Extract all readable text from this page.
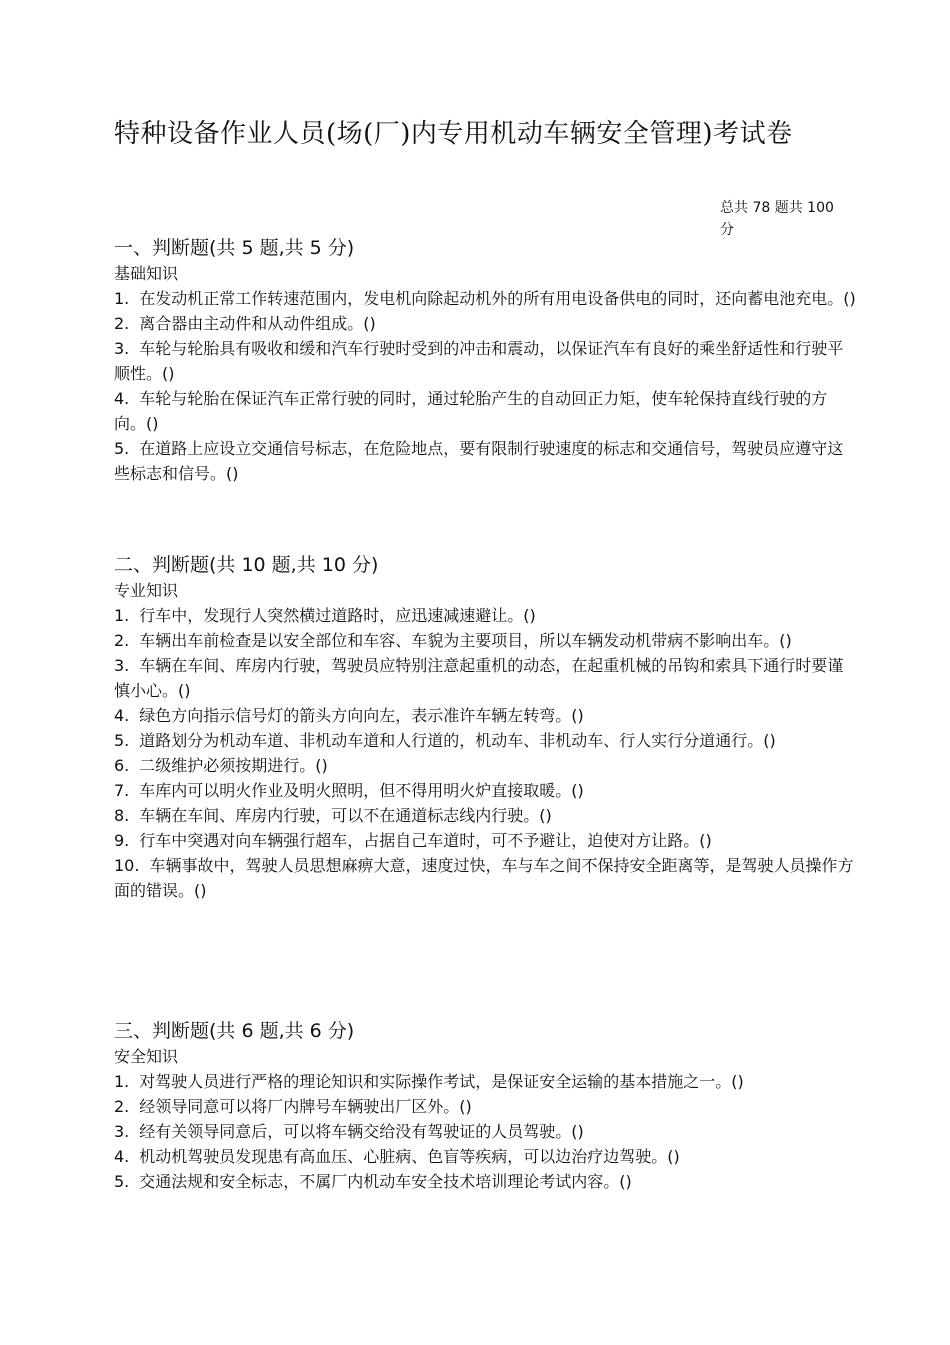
特种设备作业人员(场(厂)内专用机动车辆安全管理)考试卷
总共 78 题共 100 分

一、判断题(共 5 题,共 5 分)

基础知识

1. 在发动机正常工作转速范围内，发电机向除起动机外的所有用电设备供电的同时，还向蓄电池充电。()

2. 离合器由主动件和从动件组成。()

3. 车轮与轮胎具有吸收和缓和汽车行驶时受到的冲击和震动，以保证汽车有良好的乘坐舒适性和行驶平顺性。()

4. 车轮与轮胎在保证汽车正常行驶的同时，通过轮胎产生的自动回正力矩，使车轮保持直线行驶的方向。()

5. 在道路上应设立交通信号标志，在危险地点，要有限制行驶速度的标志和交通信号，驾驶员应遵守这些标志和信号。()

二、判断题(共 10 题,共 10 分)

专业知识

1. 行车中，发现行人突然横过道路时，应迅速减速避让。()

2. 车辆出车前检查是以安全部位和车容、车貌为主要项目，所以车辆发动机带病不影响出车。()

3. 车辆在车间、库房内行驶，驾驶员应特别注意起重机的动态，在起重机械的吊钩和索具下通行时要谨慎小心。()

4. 绿色方向指示信号灯的箭头方向向左，表示准许车辆左转弯。()

5. 道路划分为机动车道、非机动车道和人行道的，机动车、非机动车、行人实行分道通行。()

6. 二级维护必须按期进行。()

7. 车库内可以明火作业及明火照明，但不得用明火炉直接取暖。()

8. 车辆在车间、库房内行驶，可以不在通道标志线内行驶。()

9. 行车中突遇对向车辆强行超车，占据自己车道时，可不予避让，迫使对方让路。()

10. 车辆事故中，驾驶人员思想麻痹大意，速度过快，车与车之间不保持安全距离等，是驾驶人员操作方面的错误。()

三、判断题(共 6 题,共 6 分)

安全知识

1. 对驾驶人员进行严格的理论知识和实际操作考试，是保证安全运输的基本措施之一。()

2. 经领导同意可以将厂内牌号车辆驶出厂区外。()

3. 经有关领导同意后，可以将车辆交给没有驾驶证的人员驾驶。()

4. 机动机驾驶员发现患有高血压、心脏病、色盲等疾病，可以边治疗边驾驶。()

5. 交通法规和安全标志，不属厂内机动车安全技术培训理论考试内容。()
